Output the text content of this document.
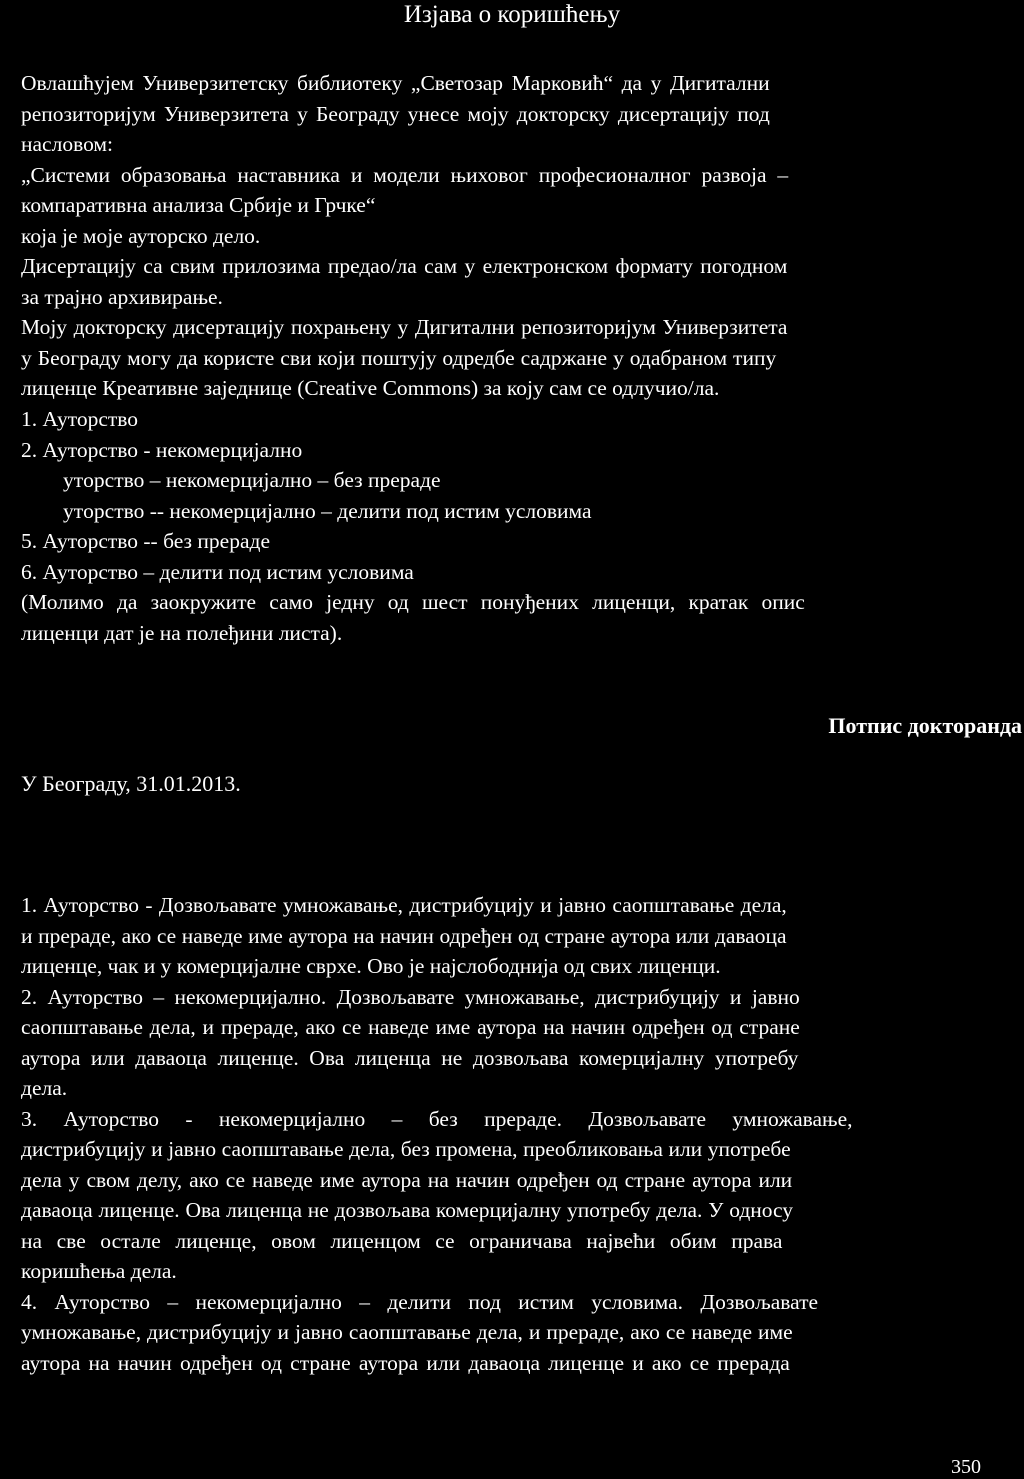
Изјава о коришћењу
Овлашћујем Универзитетску библиотеку „Светозар Марковић“ да у Дигитални
репозиторијум Универзитета у Београду унесе моју докторску дисертацију под
насловом:
„Системи образовања наставника и модели њиховог професионалног развоја –
компаративна анализа Србије и Грчке“
која је моје ауторско дело.
Дисертацију са свим прилозима предао/ла сам у електронском формату погодном
за трајно архивирање.
Моју докторску дисертацију похрањену у Дигитални репозиторијум Универзитета
у Београду могу да користе сви који поштују одредбе садржане у одабраном типу
лиценце Креативне заједнице (Creative Commons) за коју сам се одлучио/ла.
1. Ауторство
2. Ауторство - некомерцијално
утoрство – некомерцијално – без прераде
утoрство -- некомерцијално – делити под истим условима
5. Ауторство -- без прераде
6. Ауторство – делити под истим условима
(Молимо да заокружите само једну од шест понуђених лиценци, кратак опис
лиценци дат је на полеђини листа).
Потпис докторанда
У Београду, 31.01.2013.

1. Ауторство - Дозвољавате умножавање, дистрибуцију и јавно саопштавање дела,
и прераде, ако се наведе име аутора на начин одређен од стране аутора или даваоца
лиценце, чак и у комерцијалне сврхе. Ово је најслободнија од свих лиценци.

2. Ауторство – некомерцијално. Дозвољавате умножавање, дистрибуцију и јавно
саопштавање дела, и прераде, ако се наведе име аутора на начин одређен од стране
аутора или даваоца лиценце. Ова лиценца не дозвољава комерцијалну употребу
дела.

3. Ауторство - некомерцијално – без прераде. Дозвољавате умножавање,
дистрибуцију и јавно саопштавање дела, без промена, преобликовања или употребе
дела у свом делу, ако се наведе име аутора на начин одређен од стране аутора или
даваоца лиценце. Ова лиценца не дозвољава комерцијалну употребу дела. У односу
на све остале лиценце, овом лиценцом се ограничава највећи обим права
коришћења дела.

4. Ауторство – некомерцијално – делити под истим условима. Дозвољавате
умножавање, дистрибуцију и јавно саопштавање дела, и прераде, ако се наведе име
аутора на начин одређен од стране аутора или даваоца лиценце и ако се прерада

350
